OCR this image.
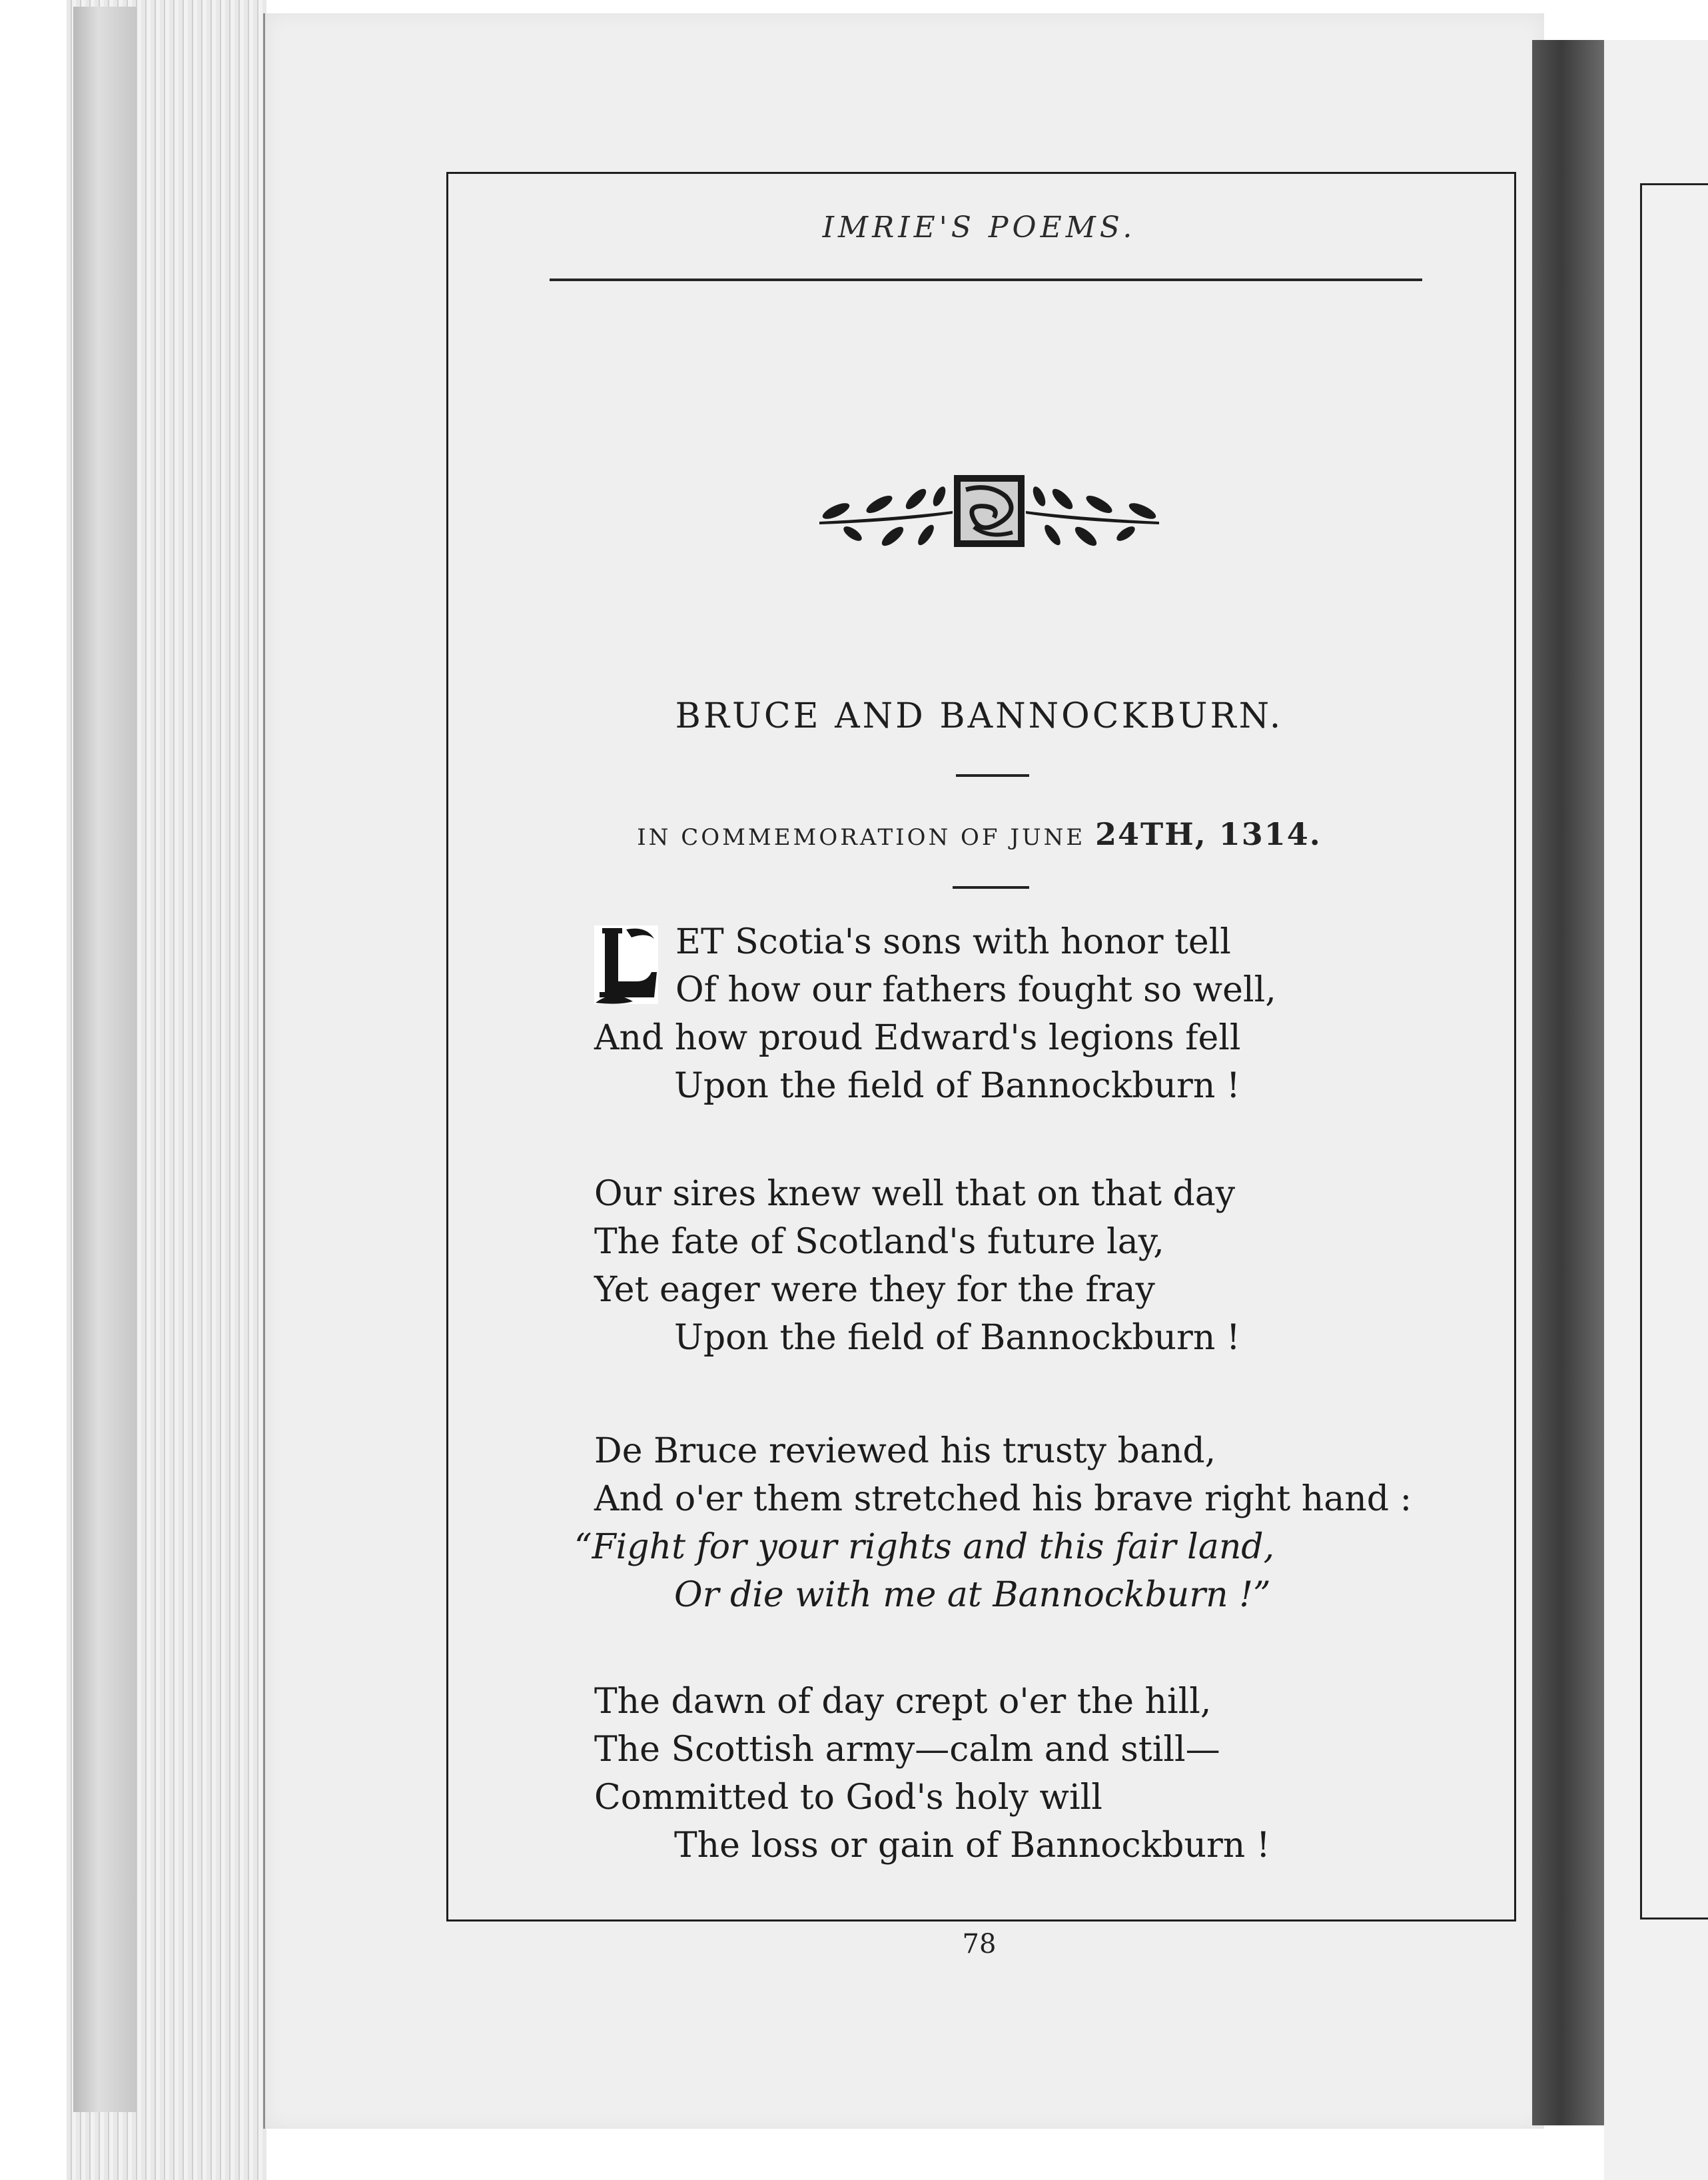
IMRIE'S POEMS.
BRUCE AND BANNOCKBURN.
IN COMMEMORATION OF JUNE 24TH, 1314.
L
ET Scotia's sons with honor tell
Of how our fathers fought so well,
And how proud Edward's legions fell
Upon the field of Bannockburn !
Our sires knew well that on that day
The fate of Scotland's future lay,
Yet eager were they for the fray
Upon the field of Bannockburn !
De Bruce reviewed his trusty band,
And o'er them stretched his brave right hand :
“Fight for your rights and this fair land,
Or die with me at Bannockburn !”
The dawn of day crept o'er the hill,
The Scottish army—calm and still—
Committed to God's holy will
The loss or gain of Bannockburn !
78
